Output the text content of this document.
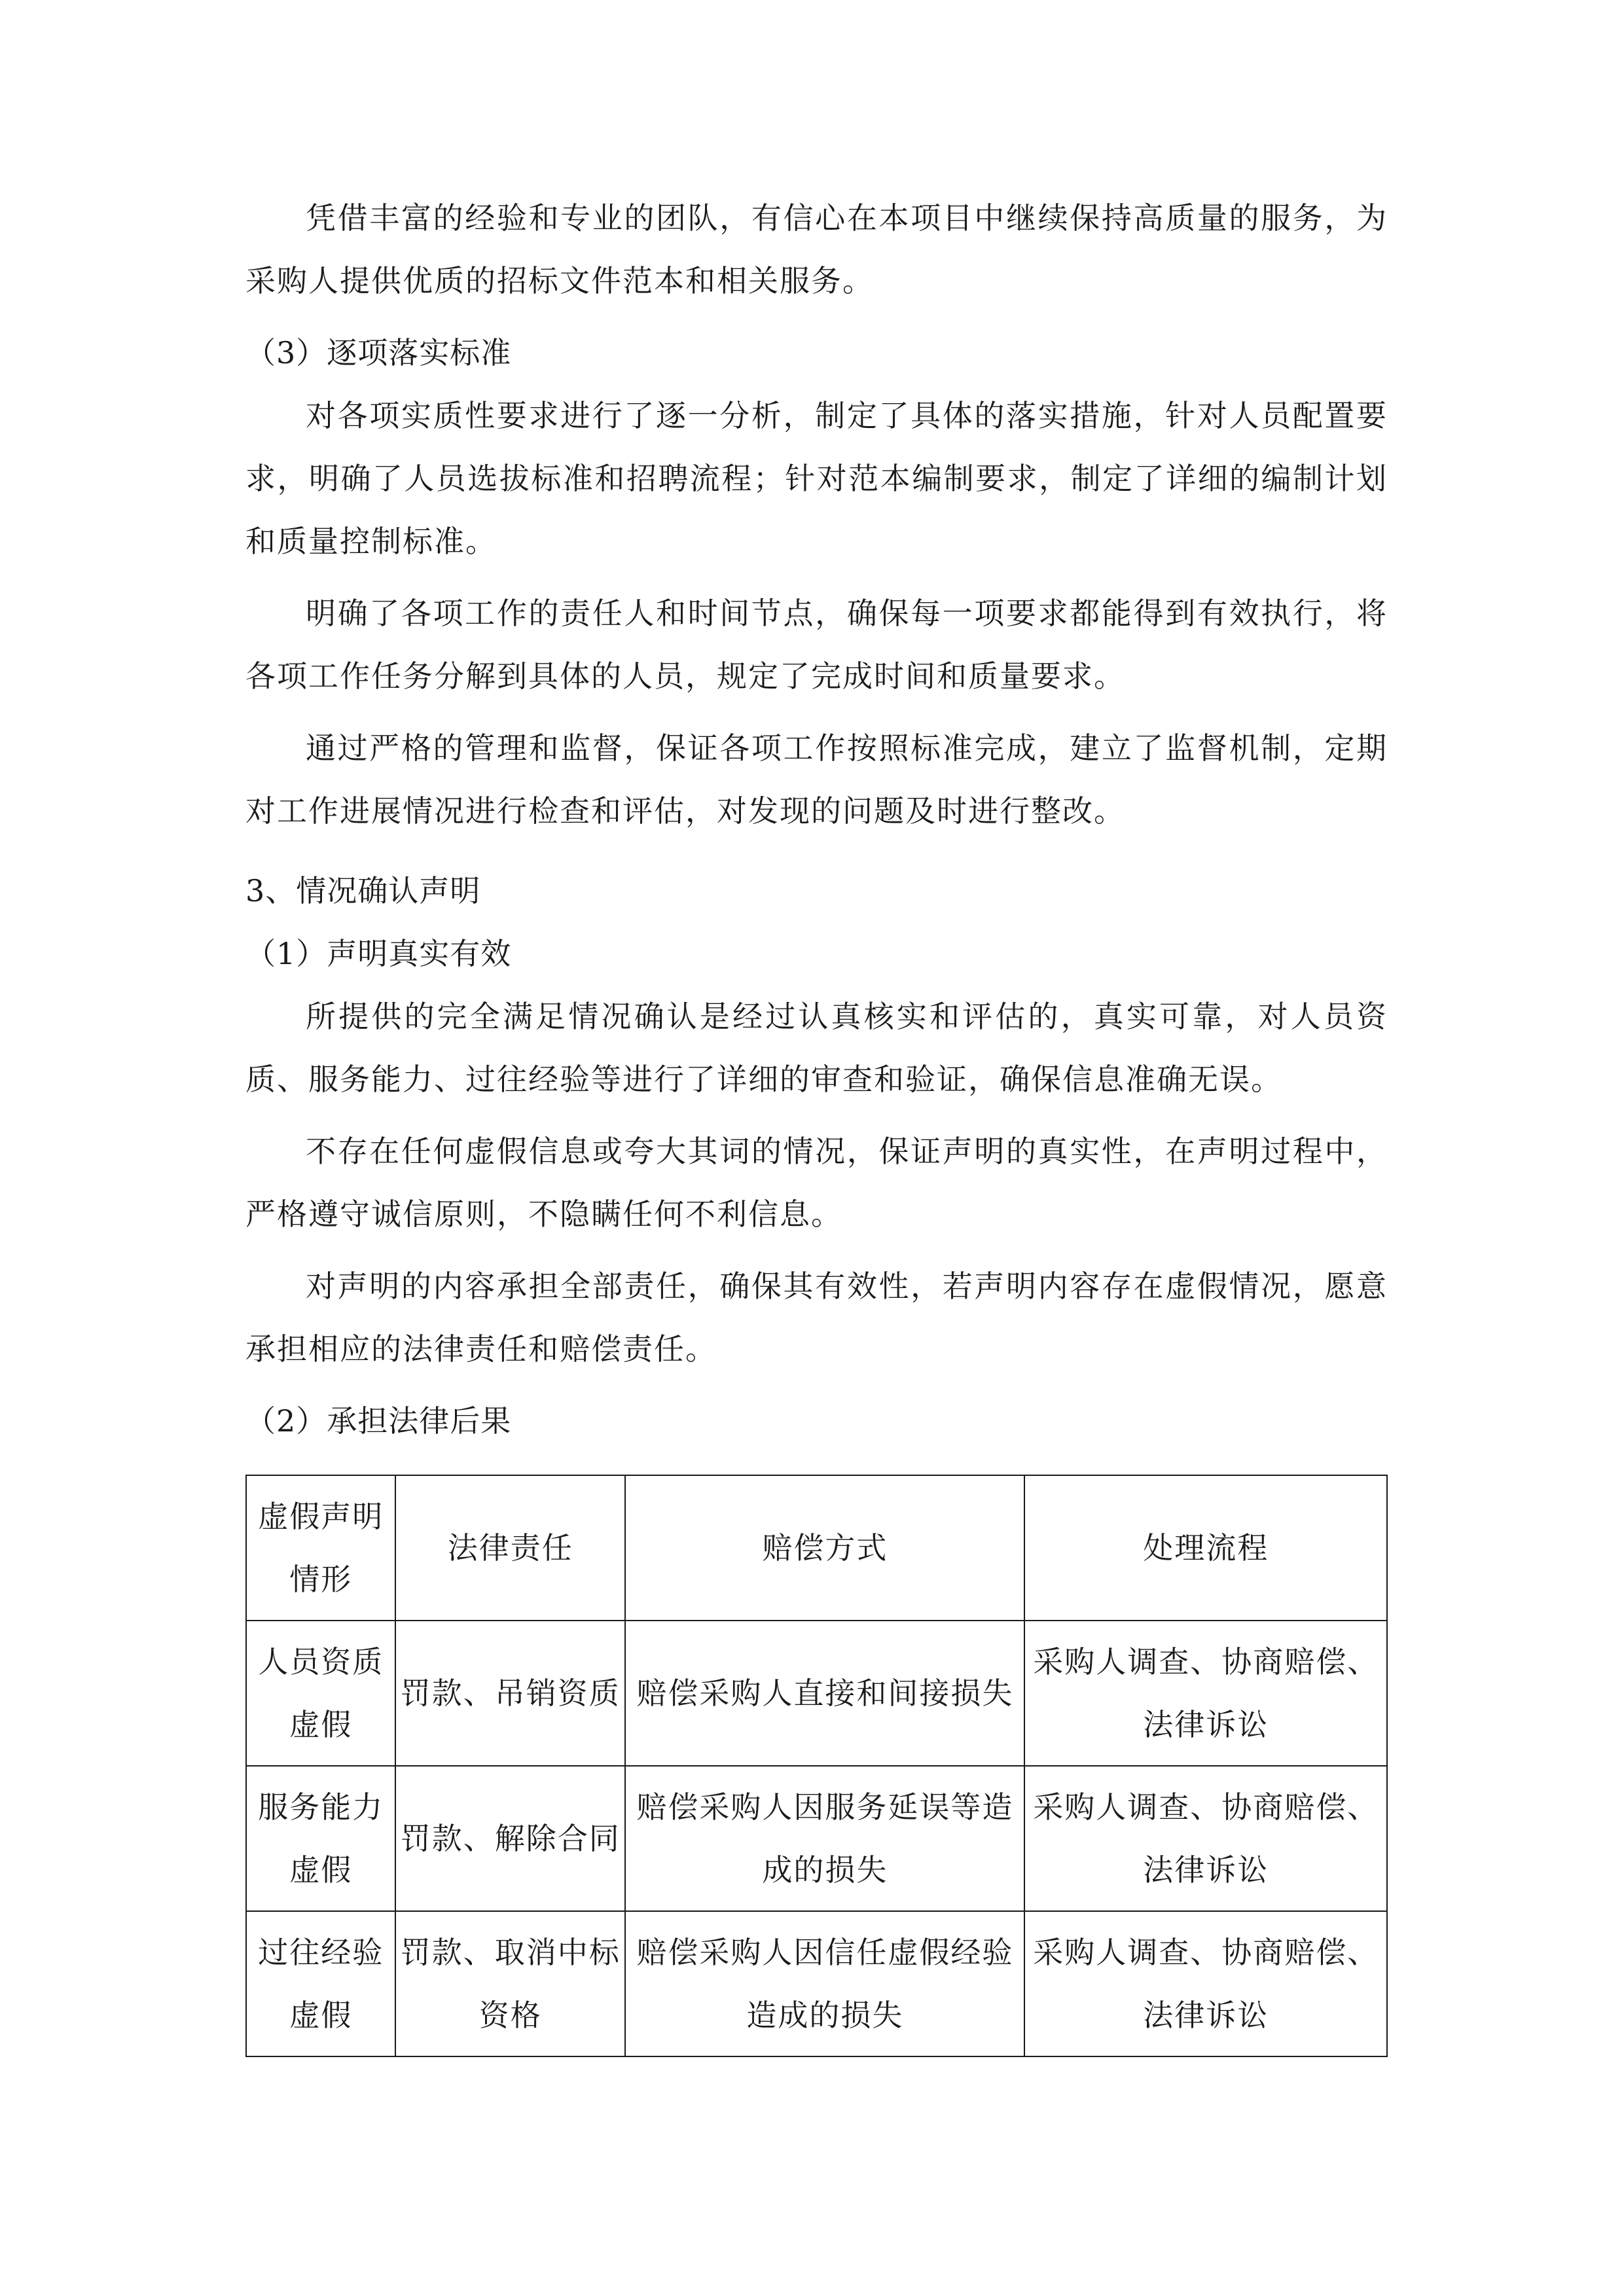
凭借丰富的经验和专业的团队，有信心在本项目中继续保持高质量的服务，为采购人提供优质的招标文件范本和相关服务。

（3）逐项落实标准

对各项实质性要求进行了逐一分析，制定了具体的落实措施，针对人员配置要求，明确了人员选拔标准和招聘流程；针对范本编制要求，制定了详细的编制计划和质量控制标准。

明确了各项工作的责任人和时间节点，确保每一项要求都能得到有效执行，将各项工作任务分解到具体的人员，规定了完成时间和质量要求。

通过严格的管理和监督，保证各项工作按照标准完成，建立了监督机制，定期对工作进展情况进行检查和评估，对发现的问题及时进行整改。

3、情况确认声明

（1）声明真实有效

所提供的完全满足情况确认是经过认真核实和评估的，真实可靠，对人员资质、服务能力、过往经验等进行了详细的审查和验证，确保信息准确无误。

不存在任何虚假信息或夸大其词的情况，保证声明的真实性，在声明过程中，严格遵守诚信原则，不隐瞒任何不利信息。

对声明的内容承担全部责任，确保其有效性，若声明内容存在虚假情况，愿意承担相应的法律责任和赔偿责任。

（2）承担法律后果

虚假声明情形	法律责任	赔偿方式	处理流程
人员资质虚假	罚款、吊销资质	赔偿采购人直接和间接损失	采购人调查、协商赔偿、法律诉讼
服务能力虚假	罚款、解除合同	赔偿采购人因服务延误等造成的损失	采购人调查、协商赔偿、法律诉讼
过往经验虚假	罚款、取消中标资格	赔偿采购人因信任虚假经验造成的损失	采购人调查、协商赔偿、法律诉讼
